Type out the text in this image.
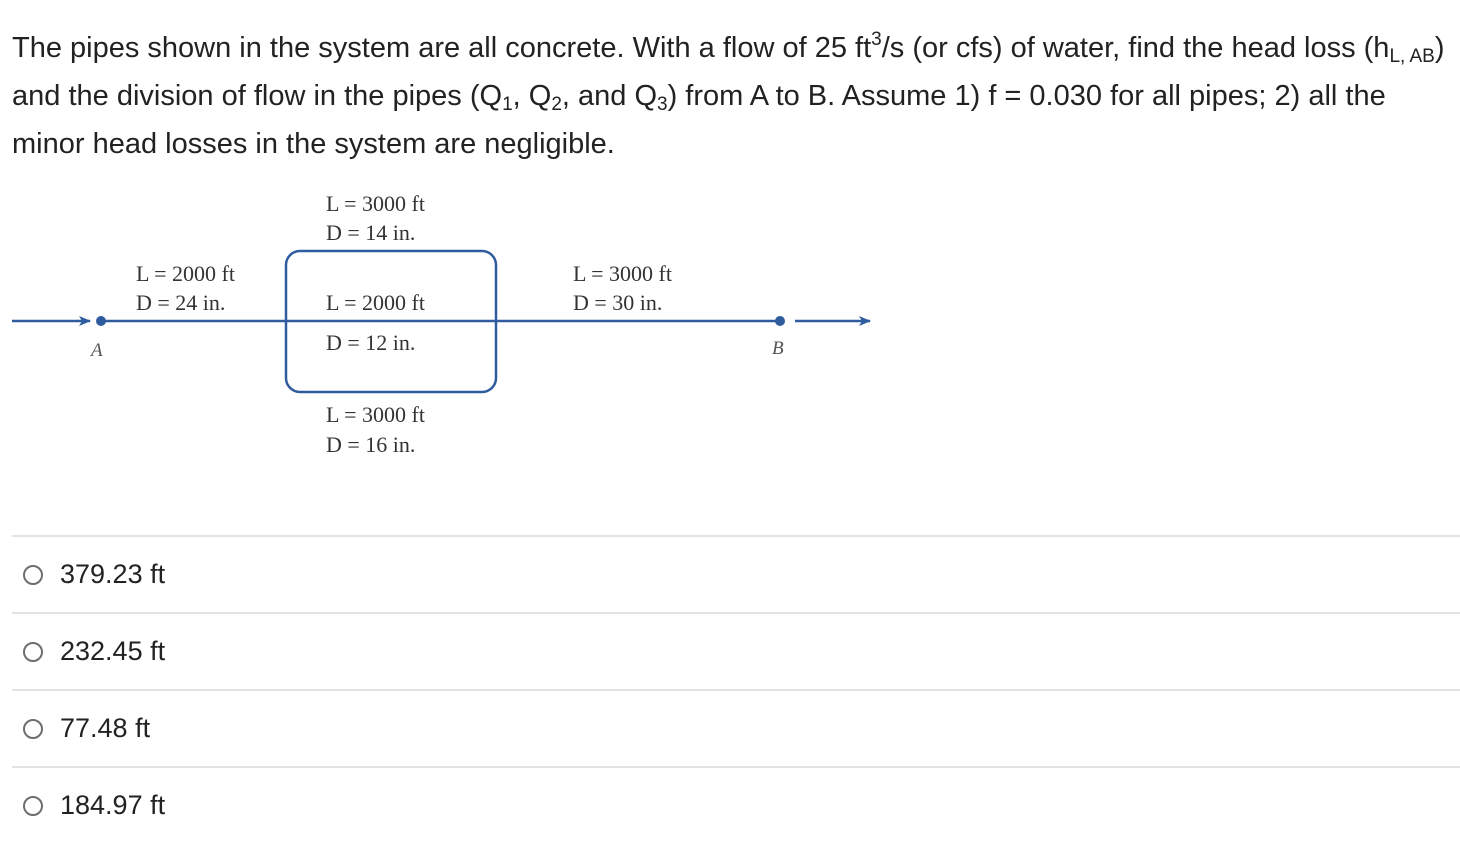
The pipes shown in the system are all concrete. With a flow of 25 $ft^3/s$ (or cfs) of water, find the head loss $(h_{L, AB})$ and the division of flow in the pipes ($Q_1$, $Q_2$, and $Q_3$) from A to B. Assume 1) f = 0.030 for all pipes; 2) all the minor head losses in the system are negligible.
L = 3000 ft
D = 14 in.
L = 2000 ft
D = 24 in.	L = 2000 ft
D = 12 in.
L = 3000 ft
D = 30 in.
L = 3000 ft
D = 16 in.
A	B
379.23 ft
232.45 ft
77.48 ft
184.97 ft
